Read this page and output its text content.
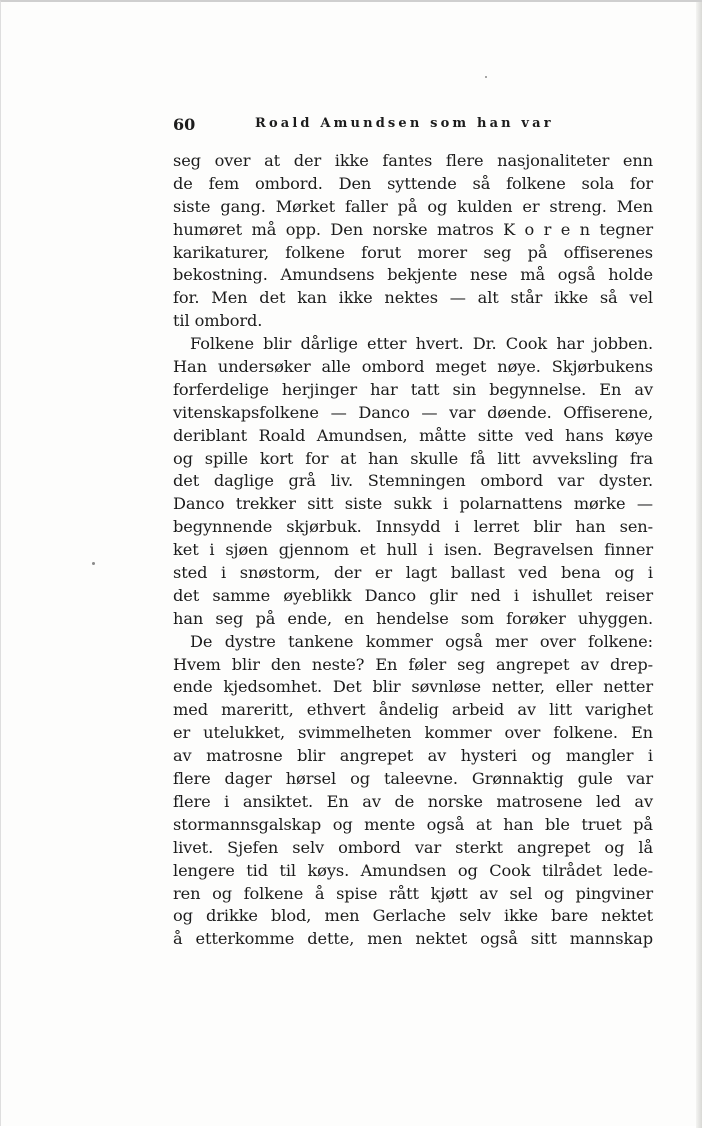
60	Roald Amundsen som han var
seg over at der ikke fantes flere nasjonaliteter enn
de fem ombord. Den syttende så folkene sola for
siste gang. Mørket faller på og kulden er streng. Men
humøret må opp. Den norske matros K o r e n tegner
karikaturer, folkene forut morer seg på offiserenes
bekostning. Amundsens bekjente nese må også holde
for. Men det kan ikke nektes — alt står ikke så vel
til ombord.
Folkene blir dårlige etter hvert. Dr. Cook har jobben.
Han undersøker alle ombord meget nøye. Skjørbukens
forferdelige herjinger har tatt sin begynnelse. En av
vitenskapsfolkene — Danco — var døende. Offiserene,
deriblant Roald Amundsen, måtte sitte ved hans køye
og spille kort for at han skulle få litt avveksling fra
det daglige grå liv. Stemningen ombord var dyster.
Danco trekker sitt siste sukk i polarnattens mørke —
begynnende skjørbuk. Innsydd i lerret blir han sen-
ket i sjøen gjennom et hull i isen. Begravelsen finner
sted i snøstorm, der er lagt ballast ved bena og i
det samme øyeblikk Danco glir ned i ishullet reiser
han seg på ende, en hendelse som forøker uhyggen.
De dystre tankene kommer også mer over folkene:
Hvem blir den neste? En føler seg angrepet av drep-
ende kjedsomhet. Det blir søvnløse netter, eller netter
med mareritt, ethvert åndelig arbeid av litt varighet
er utelukket, svimmelheten kommer over folkene. En
av matrosne blir angrepet av hysteri og mangler i
flere dager hørsel og taleevne. Grønnaktig gule var
flere i ansiktet. En av de norske matrosene led av
stormannsgalskap og mente også at han ble truet på
livet. Sjefen selv ombord var sterkt angrepet og lå
lengere tid til køys. Amundsen og Cook tilrådet lede-
ren og folkene å spise rått kjøtt av sel og pingviner
og drikke blod, men Gerlache selv ikke bare nektet
å etterkomme dette, men nektet også sitt mannskap
